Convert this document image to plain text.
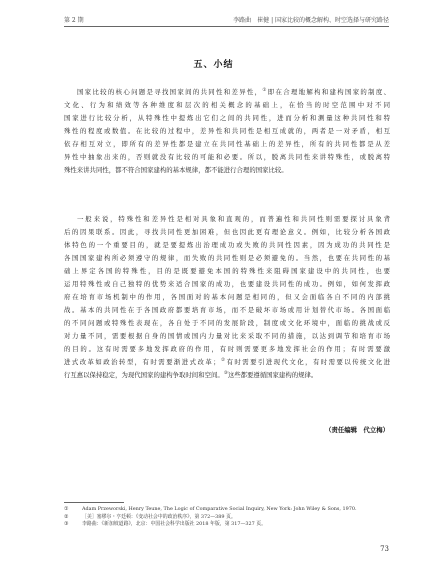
第 2 期	李路曲　崔健 | 国家比较的概念解构、时空选择与研究路径
五、小结

国家比较的核心问题是寻找国家间的共同性和差异性，①即在合理地解构和建构国家的制度、
文化、行为和绩效等各种维度和层次的相关概念的基础上，在恰当的时空范围中对不同
国家进行比较分析，从特殊性中提炼出它们之间的共同性，进而分析和测量这种共同性和特
殊性的程度或数值。在比较的过程中，差异性和共同性是相互成就的，两者是一对矛盾，相互
依存相互对立，即所有的差异性都是建立在共同性基础上的差异性，所有的共同性都是从差
异性中抽象出来的，否则就没有比较的可能和必要。所以，脱离共同性来讲特殊性，或脱离特
殊性来讲共同性，都不符合国家建构的基本规律，都不能进行合理的国家比较。

一般来说，特殊性和差异性是相对具象和直观的，而普遍性和共同性则需要探讨具象背
后的因果联系。因此，寻找共同性更加困难，但也因此更有理论意义。例如，比较分析各国政
体特色的一个重要目的，就是要提炼出治理成功或失败的共同性因素，因为成功的共同性是
各国国家建构所必须遵守的规律，而失败的共同性则是必须避免的。当然，也要在共同性的基
础上界定各国的特殊性，目的是既要避免本国的特殊性来阻碍国家建设中的共同性，也要
运用特殊性或自己独特的优势来适合国家的成功，也要建设共同性的成功。例如，如何发挥政
府在培育市场机制中的作用，各国面对的基本问题是相同的，但又会面临各自不同的内部挑
战。基本的共同性在于各国政府都要培育市场，而不是破坏市场或用计划替代市场。各国面临
的不同问题或特殊性表现在，各自处于不同的发展阶段，制度或文化环境中，面临的挑战或反
对力量不同，需要根据自身的国情或国内力量对比来采取不同的措施，以达到调节和培育市场
的目的。这有时需要多地发挥政府的作用，有时则需要更多地发挥社会的作用；有时需要激
进式改革如政治转型，有时需要渐进式改革；②有时需要引进现代文化，有时需要以传统文化进
行互惠以保持稳定，为现代国家的建构争取时间和空间。③这些都要遵循国家建构的规律。

（责任编辑　代立梅）
①	Adam Przeworski, Henry Teune, The Logic of Comparative Social Inquiry, New York: John Wiley & Sons, 1970.
②	［美］塞缪尔・亨廷顿：《变动社会中的政治秩序》，第 372—389 页。
③	李路曲：《新加坡道路》，北京：中国社会科学出版社 2018 年版，第 317—327 页。
73
